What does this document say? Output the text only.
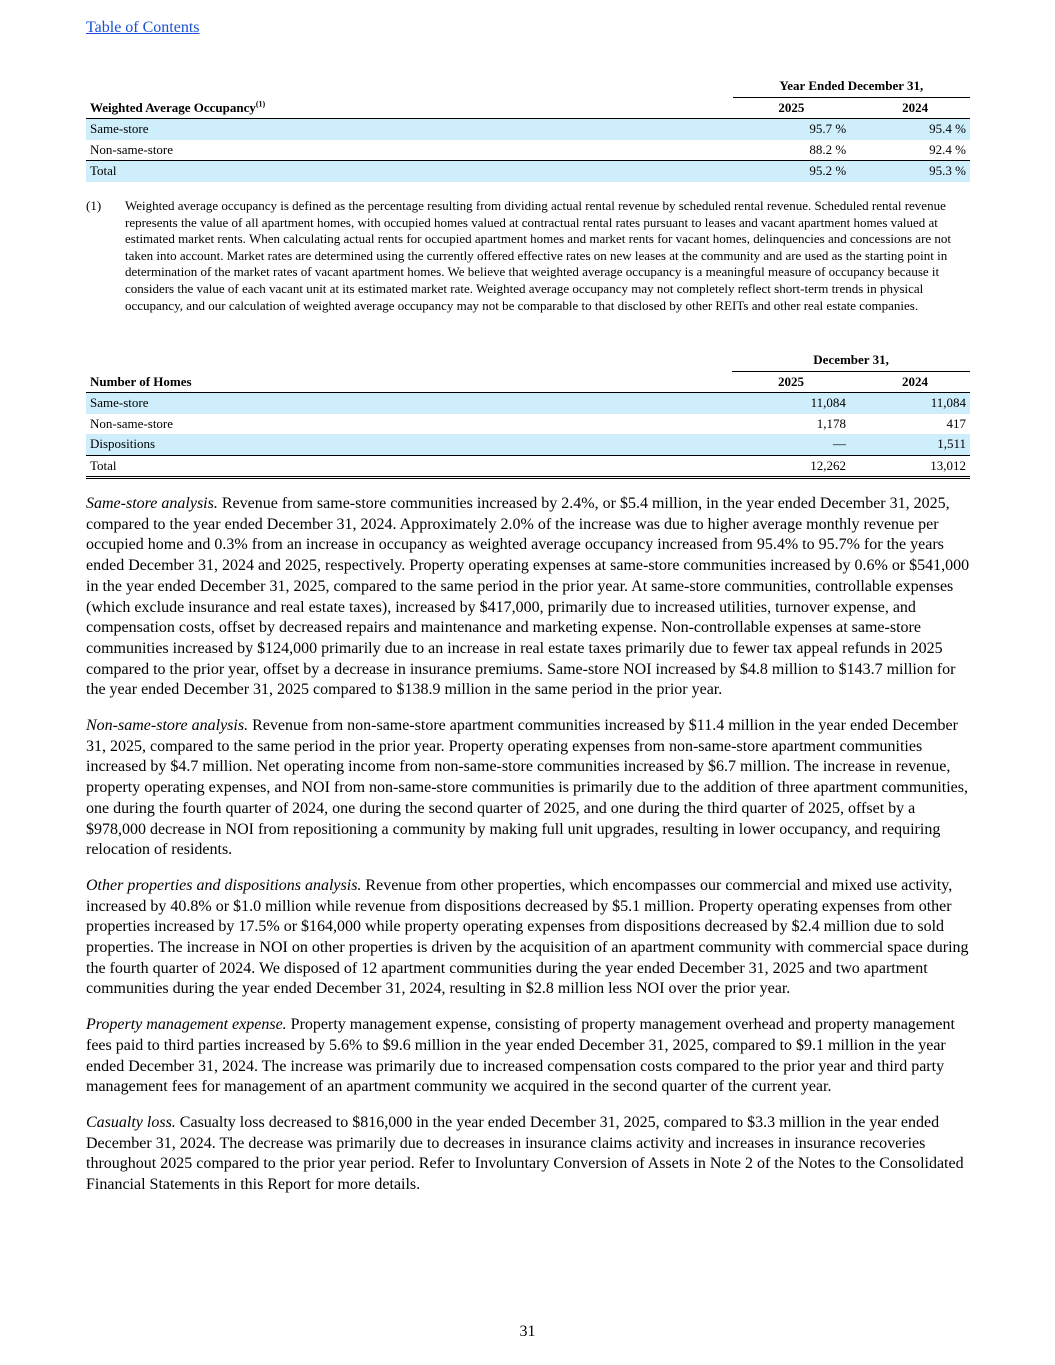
Table of Contents
	Year Ended December 31,	
Weighted Average Occupancy$^{(1)}$	2025	2024
Same-store	95.7 %	95.4 %
Non-same-store	88.2 %	92.4 %
Total	95.2 %	95.3 %
(1)	Weighted average occupancy is defined as the percentage resulting from dividing actual rental revenue by scheduled rental revenue. Scheduled rental revenue represents the value of all apartment homes, with occupied homes valued at contractual rental rates pursuant to leases and vacant apartment homes valued at estimated market rents. When calculating actual rents for occupied apartment homes and market rents for vacant homes, delinquencies and concessions are not taken into account. Market rates are determined using the currently offered effective rates on new leases at the community and are used as the starting point in determination of the market rates of vacant apartment homes. We believe that weighted average occupancy is a meaningful measure of occupancy because it considers the value of each vacant unit at its estimated market rate. Weighted average occupancy may not completely reflect short-term trends in physical occupancy, and our calculation of weighted average occupancy may not be comparable to that disclosed by other REITs and other real estate companies.
	December 31,	
Number of Homes	2025	2024
Same-store	11,084	11,084
Non-same-store	1,178	417
Dispositions	—	1,511
Total	12,262	13,012

Same-store analysis. Revenue from same-store communities increased by 2.4%, or $5.4 million, in the year ended December 31, 2025, compared to the year ended December 31, 2024. Approximately 2.0% of the increase was due to higher average monthly revenue per occupied home and 0.3% from an increase in occupancy as weighted average occupancy increased from 95.4% to 95.7% for the years ended December 31, 2024 and 2025, respectively. Property operating expenses at same-store communities increased by 0.6% or $541,000 in the year ended December 31, 2025, compared to the same period in the prior year. At same-store communities, controllable expenses (which exclude insurance and real estate taxes), increased by $417,000, primarily due to increased utilities, turnover expense, and compensation costs, offset by decreased repairs and maintenance and marketing expense. Non-controllable expenses at same-store communities increased by $124,000 primarily due to an increase in real estate taxes primarily due to fewer tax appeal refunds in 2025 compared to the prior year, offset by a decrease in insurance premiums. Same-store NOI increased by $4.8 million to $143.7 million for the year ended December 31, 2025 compared to $138.9 million in the same period in the prior year.

Non-same-store analysis. Revenue from non-same-store apartment communities increased by $11.4 million in the year ended December 31, 2025, compared to the same period in the prior year. Property operating expenses from non-same-store apartment communities increased by $4.7 million. Net operating income from non-same-store communities increased by $6.7 million. The increase in revenue, property operating expenses, and NOI from non-same-store communities is primarily due to the addition of three apartment communities, one during the fourth quarter of 2024, one during the second quarter of 2025, and one during the third quarter of 2025, offset by a $978,000 decrease in NOI from repositioning a community by making full unit upgrades, resulting in lower occupancy, and requiring relocation of residents.

Other properties and dispositions analysis. Revenue from other properties, which encompasses our commercial and mixed use activity, increased by 40.8% or $1.0 million while revenue from dispositions decreased by $5.1 million. Property operating expenses from other properties increased by 17.5% or $164,000 while property operating expenses from dispositions decreased by $2.4 million due to sold properties. The increase in NOI on other properties is driven by the acquisition of an apartment community with commercial space during the fourth quarter of 2024. We disposed of 12 apartment communities during the year ended December 31, 2025 and two apartment communities during the year ended December 31, 2024, resulting in $2.8 million less NOI over the prior year.

Property management expense. Property management expense, consisting of property management overhead and property management fees paid to third parties increased by 5.6% to $9.6 million in the year ended December 31, 2025, compared to $9.1 million in the year ended December 31, 2024. The increase was primarily due to increased compensation costs compared to the prior year and third party management fees for management of an apartment community we acquired in the second quarter of the current year.

Casualty loss. Casualty loss decreased to $816,000 in the year ended December 31, 2025, compared to $3.3 million in the year ended December 31, 2024. The decrease was primarily due to decreases in insurance claims activity and increases in insurance recoveries throughout 2025 compared to the prior year period. Refer to Involuntary Conversion of Assets in Note 2 of the Notes to the Consolidated Financial Statements in this Report for more details.

31
